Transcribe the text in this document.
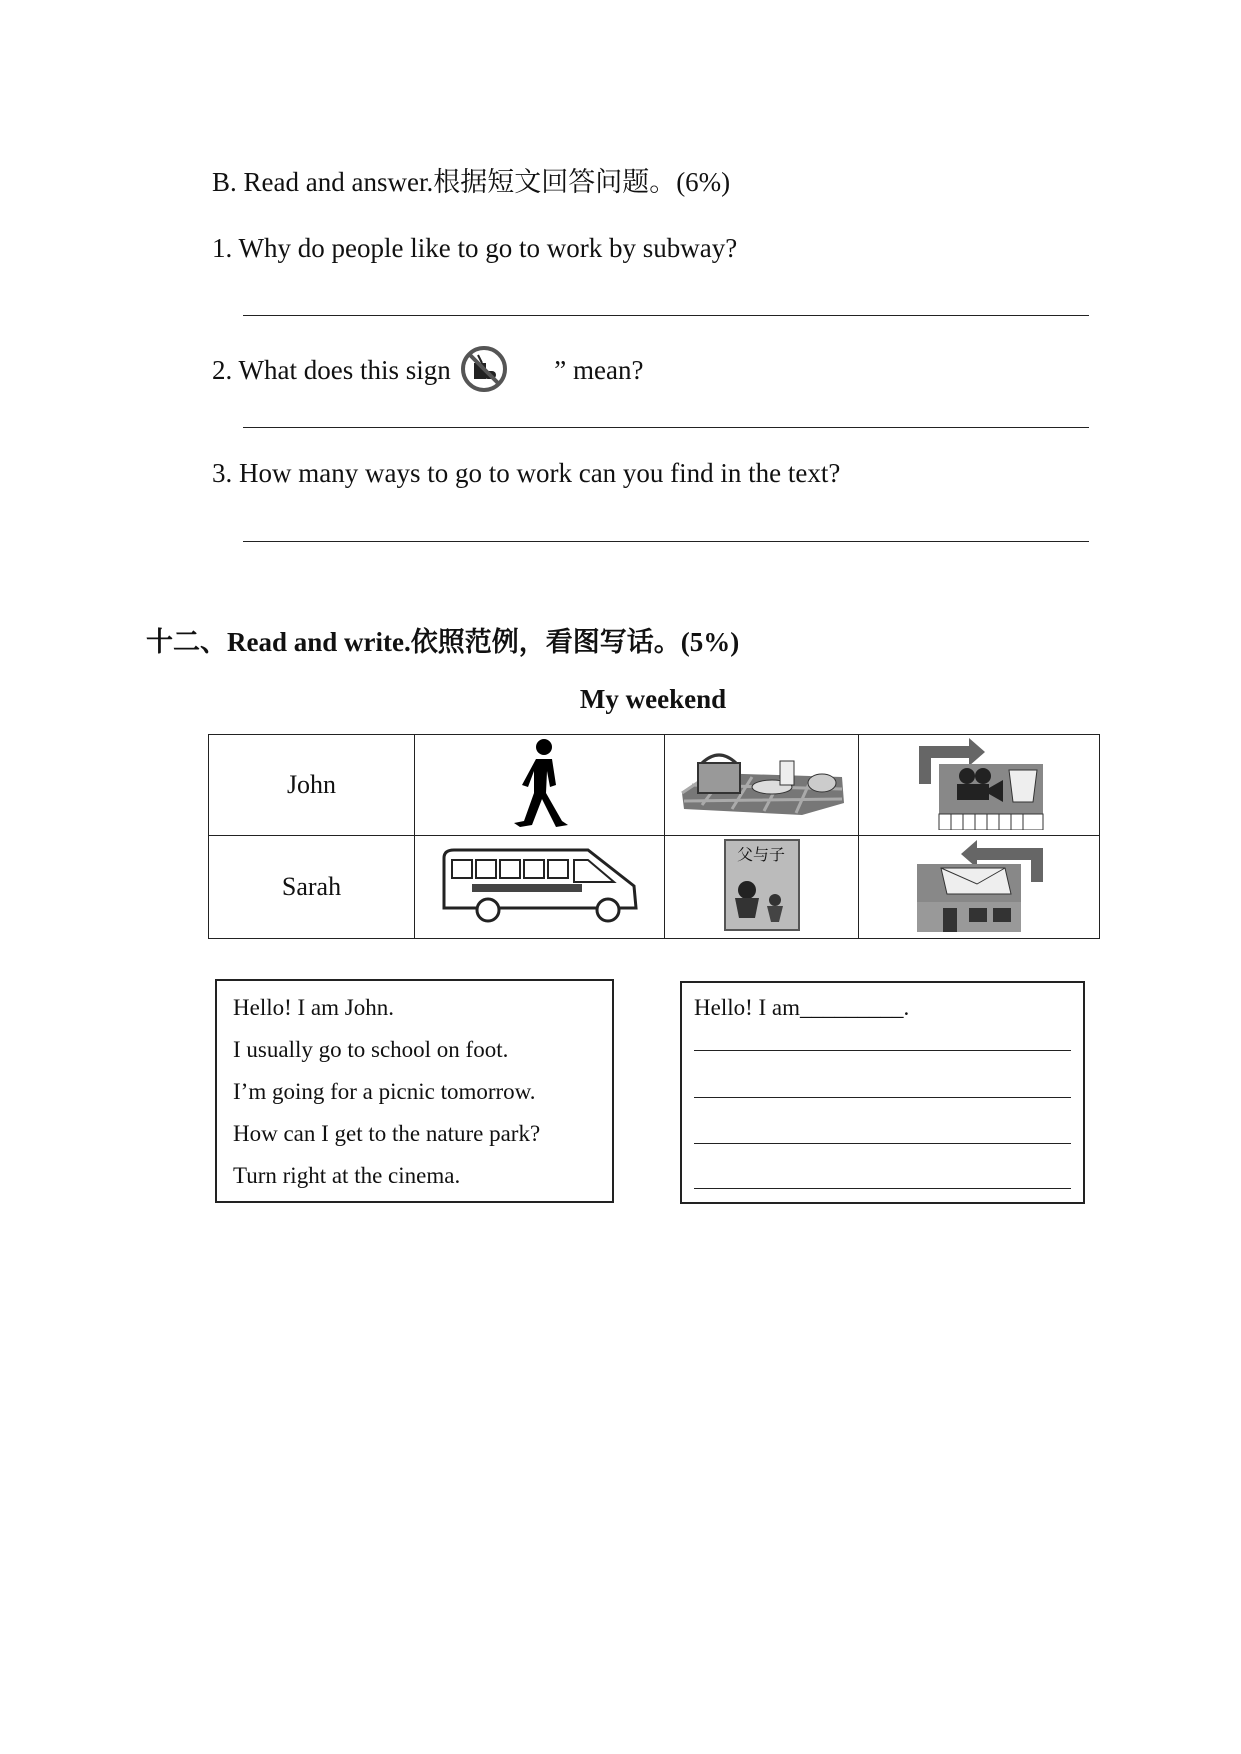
B. Read and answer.根据短文回答问题。(6%)
1. Why do people like to go to work by subway?
2. What does this sign	” mean?
3. How many ways to go to work can you find in the text?
十二、Read and write.依照范例，看图写话。(5%)
My weekend
John			
Sarah		父与子

Hello! I am John.
I usually go to school on foot.
I’m going for a picnic tomorrow.
How can I get to the nature park?
Turn right at the cinema.
Hello! I am_________.
